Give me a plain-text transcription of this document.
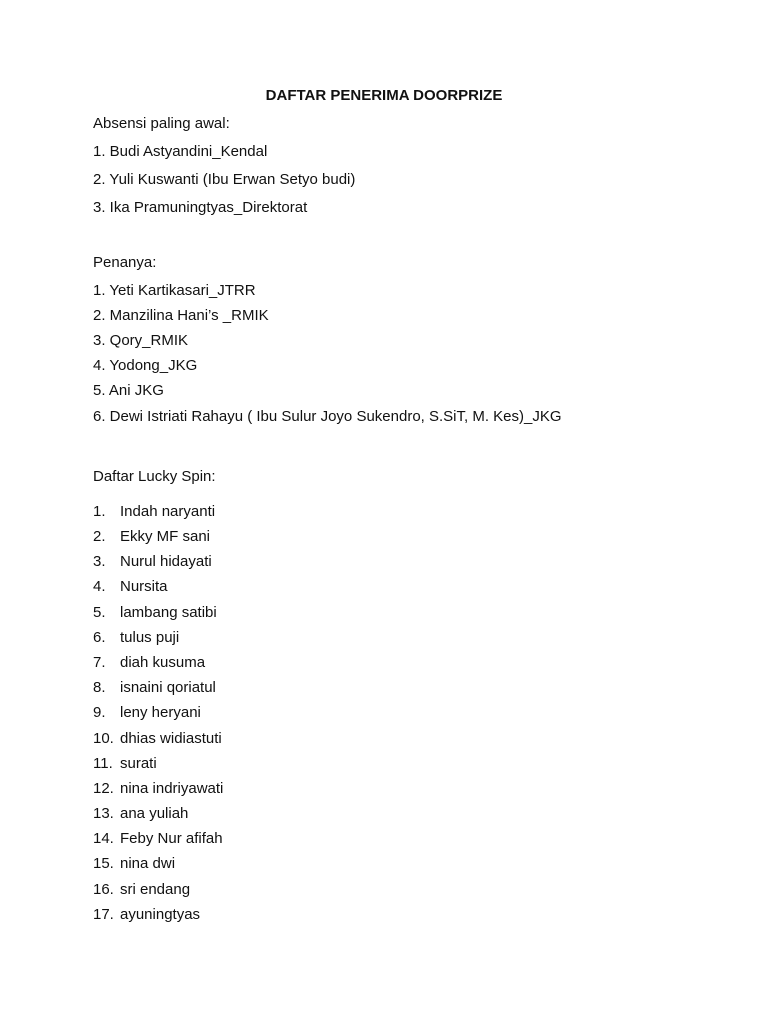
DAFTAR PENERIMA DOORPRIZE
Absensi paling awal:
1. Budi Astyandini_Kendal
2. Yuli Kuswanti (Ibu Erwan Setyo budi)
3. Ika Pramuningtyas_Direktorat
Penanya:
1. Yeti Kartikasari_JTRR
2. Manzilina Hani’s _RMIK
3. Qory_RMIK
4. Yodong_JKG
5. Ani JKG
6. Dewi Istriati Rahayu ( Ibu Sulur Joyo Sukendro, S.SiT, M. Kes)_JKG
Daftar Lucky Spin:
1. Indah naryanti
2. Ekky MF sani
3. Nurul hidayati
4. Nursita
5. lambang satibi
6. tulus puji
7. diah kusuma
8. isnaini qoriatul
9. leny heryani
10. dhias widiastuti
11. surati
12. nina indriyawati
13. ana yuliah
14. Feby Nur afifah
15. nina dwi
16. sri endang
17. ayuningtyas
